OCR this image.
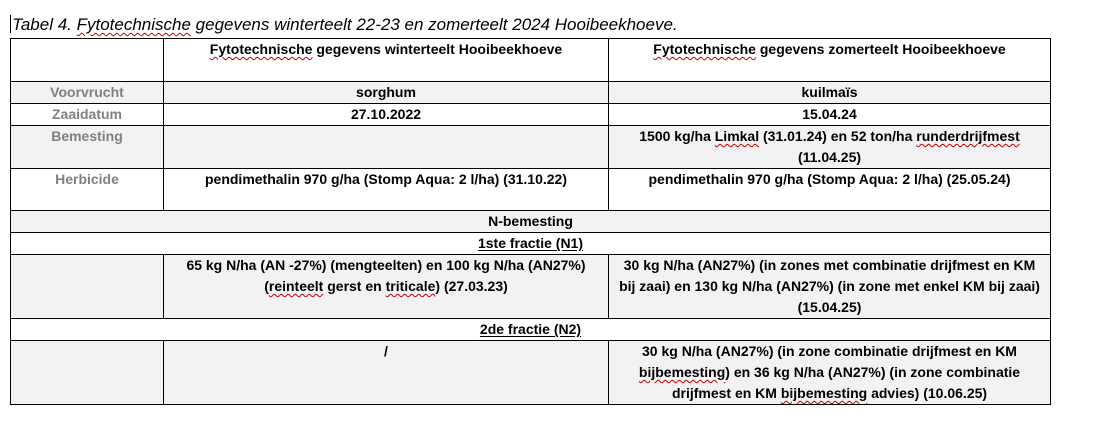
Tabel 4. Fytotechnische gegevens winterteelt 22-23 en zomerteelt 2024 Hooibeekhoeve.
	Fytotechnische gegevens winterteelt Hooibeekhoeve	Fytotechnische gegevens zomerteelt Hooibeekhoeve
Voorvrucht	sorghum	kuilmaïs
Zaaidatum	27.10.2022	15.04.24
Bemesting		1500 kg/ha Limkal (31.01.24) en 52 ton/ha runderdrijfmest (11.04.25)
Herbicide	pendimethalin 970 g/ha (Stomp Aqua: 2 l/ha) (31.10.22)	pendimethalin 970 g/ha (Stomp Aqua: 2 l/ha) (25.05.24)
N-bemesting		
1ste fractie (N1)		
	65 kg N/ha (AN -27%) (mengteelten) en 100 kg N/ha (AN27%) (reinteelt gerst en triticale) (27.03.23)	30 kg N/ha (AN27%) (in zones met combinatie drijfmest en KM bij zaai) en 130 kg N/ha (AN27%) (in zone met enkel KM bij zaai) (15.04.25)
2de fractie (N2)		
	/	30 kg N/ha (AN27%) (in zone combinatie drijfmest en KM bijbemesting) en 36 kg N/ha (AN27%) (in zone combinatie drijfmest en KM bijbemesting advies) (10.06.25)
